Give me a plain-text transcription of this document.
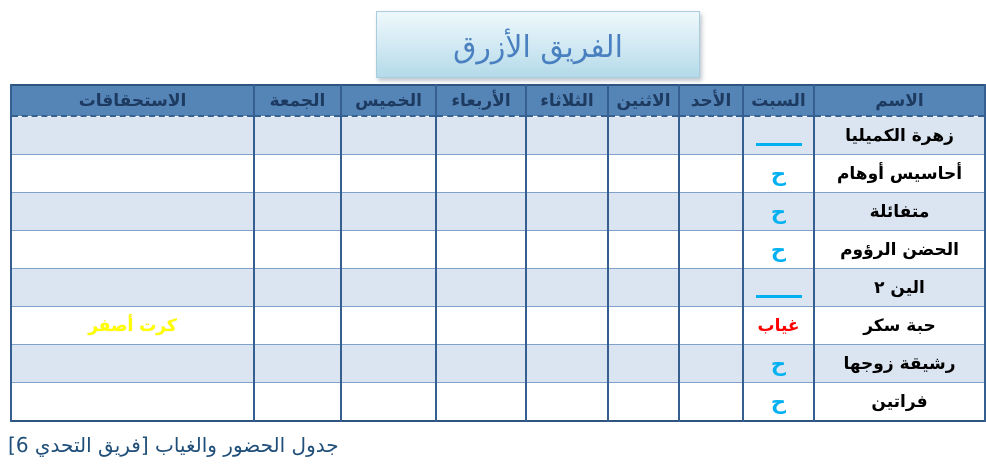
الفريق الأزرق
الاسم	السبت	الأحد	الاثنين	الثلاثاء	الأربعاء	الخميس	الجمعة	الاستحقاقات
زهرة الكميليا	

أحاسيس أوهام	ح							
متفائلة	ح							
الحضن الرؤوم	ح							
الين ٢	

حبة سكر	غياب							كرت أصفر
رشيقة زوجها	ح							
فراتين	ح							
جدول الحضور والغياب [فريق التحدي 6]
